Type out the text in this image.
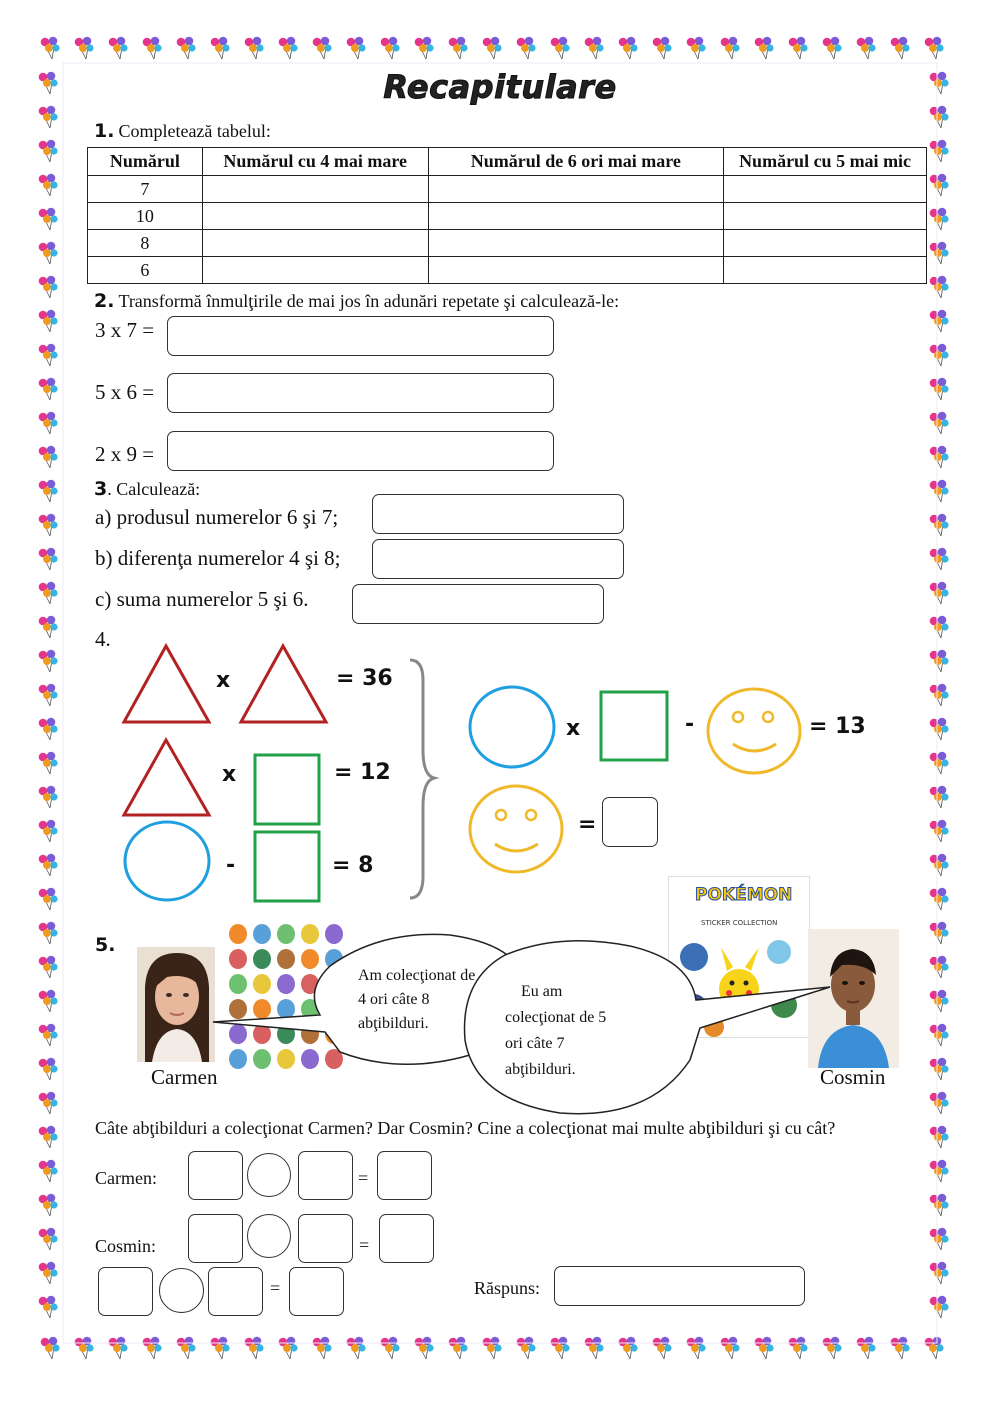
Recapitulare
1. Completează tabelul:
Numărul	Numărul cu 4 mai mare	Numărul de 6 ori mai mare	Numărul cu 5 mai mic
7			
10			
8			
6			
2. Transformă înmulţirile de mai jos în adunări repetate şi calculează-le:
3 x 7 =
5 x 6 =
2 x 9 =
3. Calculează:
a) produsul numerelor 6 şi 7;
b) diferenţa numerelor 4 şi 8;
c) suma numerelor 5 şi 6.
4.
x	= 36
x	= 12
-	= 8
x	-	= 13
=
5.
POKÉMON
STICKER COLLECTION
Am colecţionat de
4 ori câte 8
abţibilduri.
Eu am
colecţionat de 5
ori câte 7
abţibilduri.
Carmen	Cosmin
Câte abţibilduri a colecţionat Carmen? Dar Cosmin? Cine a colecţionat mai multe abţibilduri şi cu cât?
Carmen:	=
Cosmin:	=
=	Răspuns:
